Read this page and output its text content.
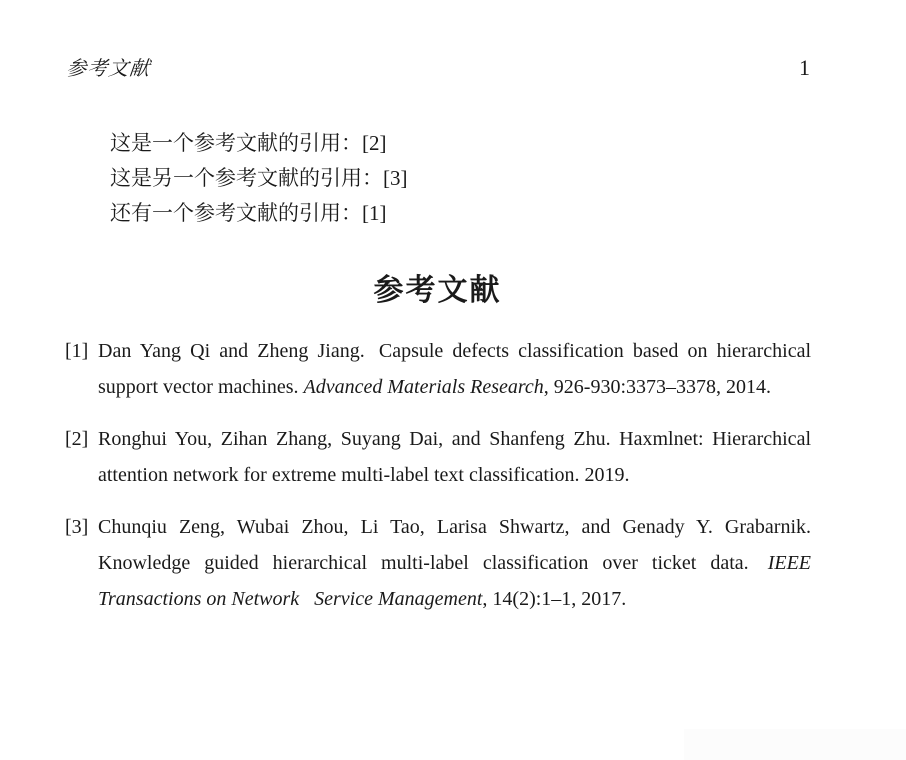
参考文献	1
这是一个参考文献的引用：[2]
这是另一个参考文献的引用：[3]
还有一个参考文献的引用：[1]
参考文献
[1] Dan Yang Qi and Zheng Jiang.  Capsule defects classification based on hierarchical support vector machines. Advanced Materials Research, 926-930:3373–3378, 2014.
[2] Ronghui You, Zihan Zhang, Suyang Dai, and Shanfeng Zhu. Haxmlnet: Hierarchical attention network for extreme multi-label text classification. 2019.
[3] Chunqiu Zeng, Wubai Zhou, Li Tao, Larisa Shwartz, and Genady Y. Grabarnik. Knowledge guided hierarchical multi-label classification over ticket data.  IEEE Transactions on Network  Service Management, 14(2):1–1, 2017.
